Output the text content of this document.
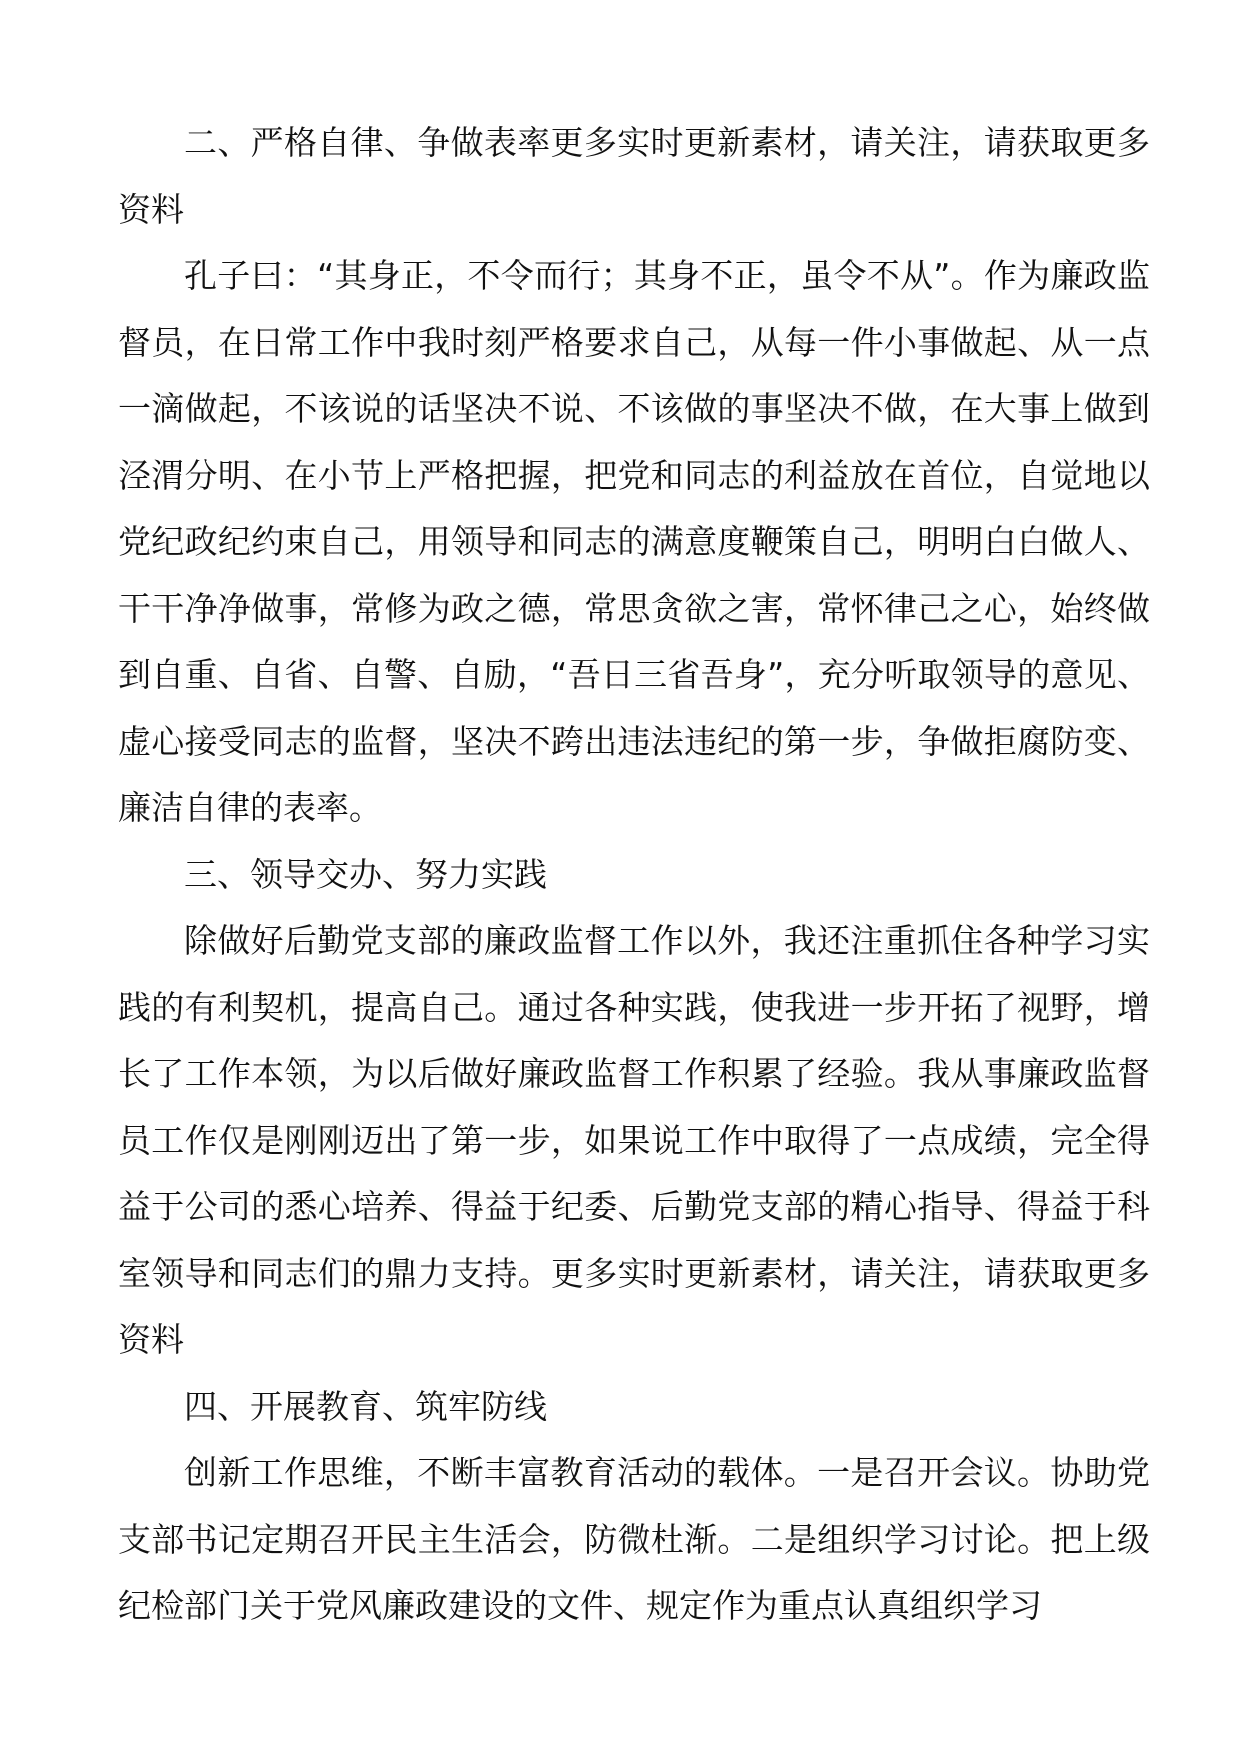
二、严格自律、争做表率更多实时更新素材，请关注，请获取更多资料

孔子曰：“其身正，不令而行；其身不正，虽令不从”。作为廉政监督员，在日常工作中我时刻严格要求自己，从每一件小事做起、从一点一滴做起，不该说的话坚决不说、不该做的事坚决不做，在大事上做到泾渭分明、在小节上严格把握，把党和同志的利益放在首位，自觉地以党纪政纪约束自己，用领导和同志的满意度鞭策自己，明明白白做人、干干净净做事，常修为政之德，常思贪欲之害，常怀律己之心，始终做到自重、自省、自警、自励，“吾日三省吾身”，充分听取领导的意见、虚心接受同志的监督，坚决不跨出违法违纪的第一步，争做拒腐防变、廉洁自律的表率。

三、领导交办、努力实践

除做好后勤党支部的廉政监督工作以外，我还注重抓住各种学习实践的有利契机，提高自己。通过各种实践，使我进一步开拓了视野，增长了工作本领，为以后做好廉政监督工作积累了经验。我从事廉政监督员工作仅是刚刚迈出了第一步，如果说工作中取得了一点成绩，完全得益于公司的悉心培养、得益于纪委、后勤党支部的精心指导、得益于科室领导和同志们的鼎力支持。更多实时更新素材，请关注，请获取更多资料

四、开展教育、筑牢防线

创新工作思维，不断丰富教育活动的载体。一是召开会议。协助党支部书记定期召开民主生活会，防微杜渐。二是组织学习讨论。把上级纪检部门关于党风廉政建设的文件、规定作为重点认真组织学习
